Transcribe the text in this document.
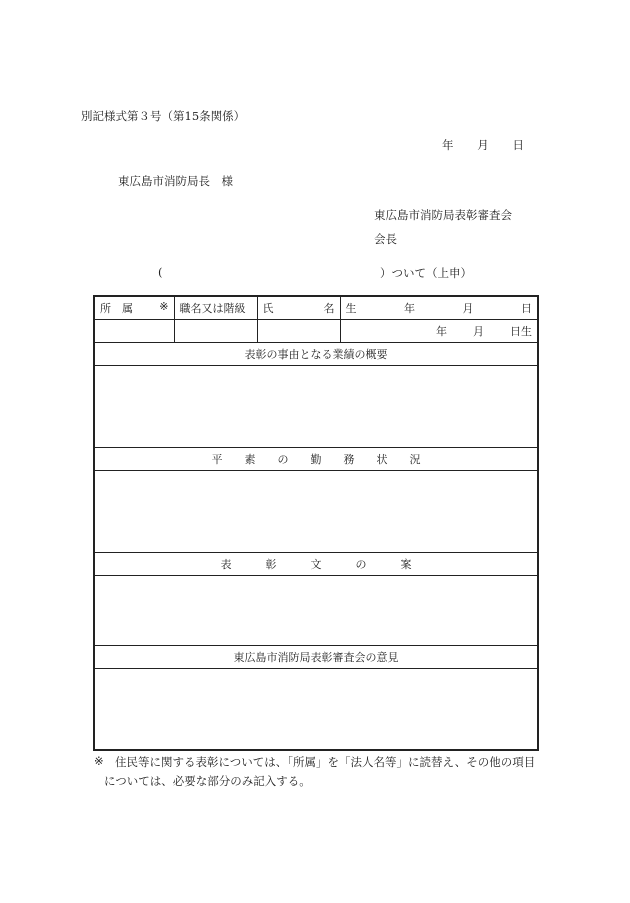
別記様式第３号（第15条関係）
年 月 日
東広島市消防局長　様
東広島市消防局表彰審査会
会長
(	）ついて（上申）
所　属 ※	職名又は階級	氏 名	生 年 月 日

			年 月 日生

表彰の事由となる業績の概要			

平素の勤務状況			

表彰文の案			

東広島市消防局表彰審査会の意見			

※ 住民等に関する表彰については、「所属」を「法人名等」に読替え、その他の項目
については、必要な部分のみ記入する。
